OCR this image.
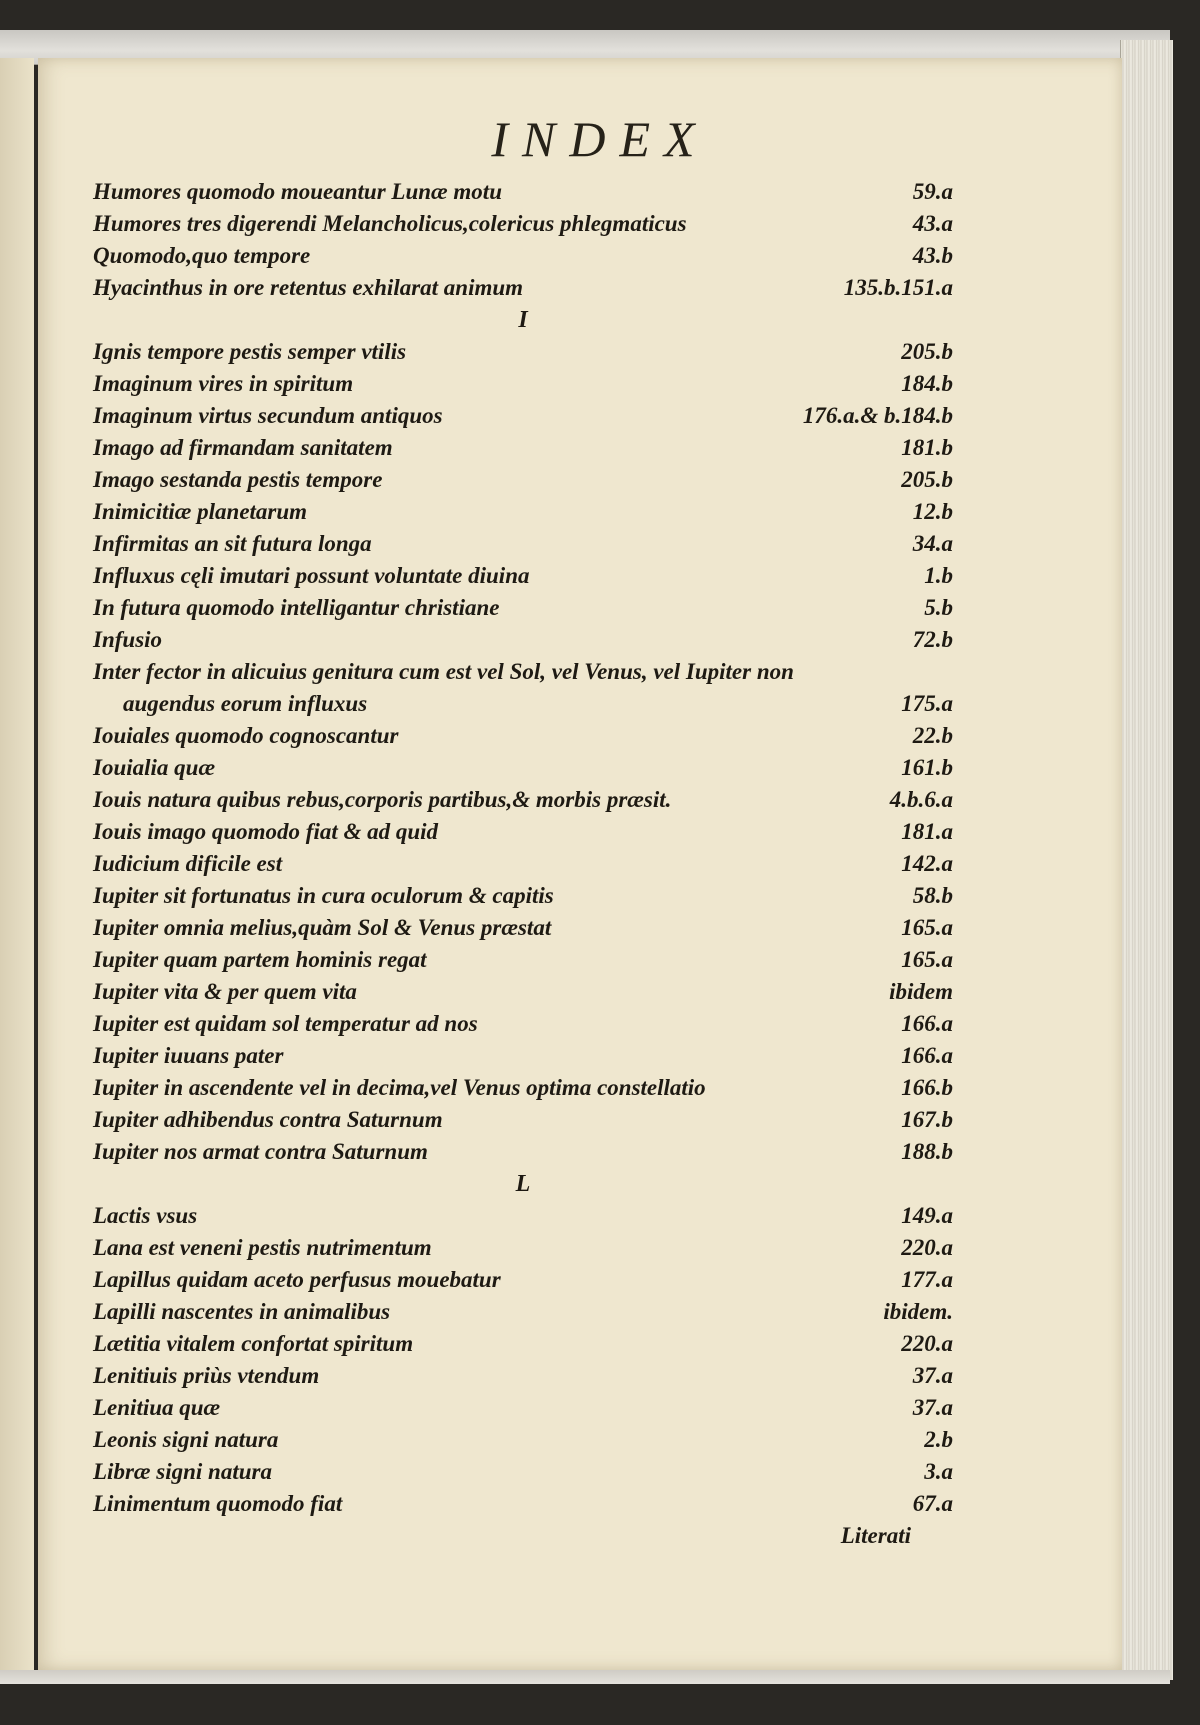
INDEX
Humores quomodo moueantur Lunæ motu	59.a
Humores tres digerendi Melancholicus,colericus phlegmaticus	43.a
Quomodo,quo tempore	43.b
Hyacinthus in ore retentus exhilarat animum	135.b.151.a
I
Ignis tempore pestis semper vtilis	205.b
Imaginum vires in spiritum	184.b
Imaginum virtus secundum antiquos	176.a.& b.184.b
Imago ad firmandam sanitatem	181.b
Imago sestanda pestis tempore	205.b
Inimicitiæ planetarum	12.b
Infirmitas an sit futura longa	34.a
Influxus cęli imutari possunt voluntate diuina	1.b
In futura quomodo intelligantur christiane	5.b
Infusio	72.b
Inter fector in alicuius genitura cum est vel Sol, vel Venus, vel Iupiter non
augendus eorum influxus	175.a
Iouiales quomodo cognoscantur	22.b
Iouialia quæ	161.b
Iouis natura quibus rebus,corporis partibus,& morbis præsit.	4.b.6.a
Iouis imago quomodo fiat & ad quid	181.a
Iudicium dificile est	142.a
Iupiter sit fortunatus in cura oculorum & capitis	58.b
Iupiter omnia melius,quàm Sol & Venus præstat	165.a
Iupiter quam partem hominis regat	165.a
Iupiter vita & per quem vita	ibidem
Iupiter est quidam sol temperatur ad nos	166.a
Iupiter iuuans pater	166.a
Iupiter in ascendente vel in decima,vel Venus optima constellatio	166.b
Iupiter adhibendus contra Saturnum	167.b
Iupiter nos armat contra Saturnum	188.b
L
Lactis vsus	149.a
Lana est veneni pestis nutrimentum	220.a
Lapillus quidam aceto perfusus mouebatur	177.a
Lapilli nascentes in animalibus	ibidem.
Lætitia vitalem confortat spiritum	220.a
Lenitiuis priùs vtendum	37.a
Lenitiua quæ	37.a
Leonis signi natura	2.b
Libræ signi natura	3.a
Linimentum quomodo fiat	67.a
Literati
